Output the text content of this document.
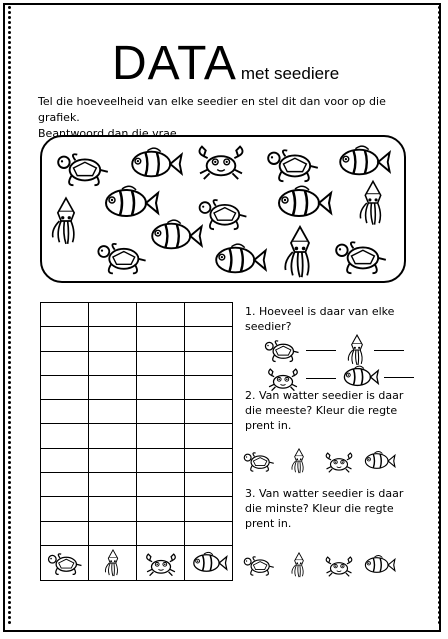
DATA met seediere
Tel die hoeveelheid van elke seedier en stel dit dan voor op die grafiek.
Beantwoord dan die vrae.

1. Hoeveel is daar van elke seedier?
2. Van watter seedier is daar die meeste? Kleur die regte prent in.
3. Van watter seedier is daar die minste? Kleur die regte prent in.
